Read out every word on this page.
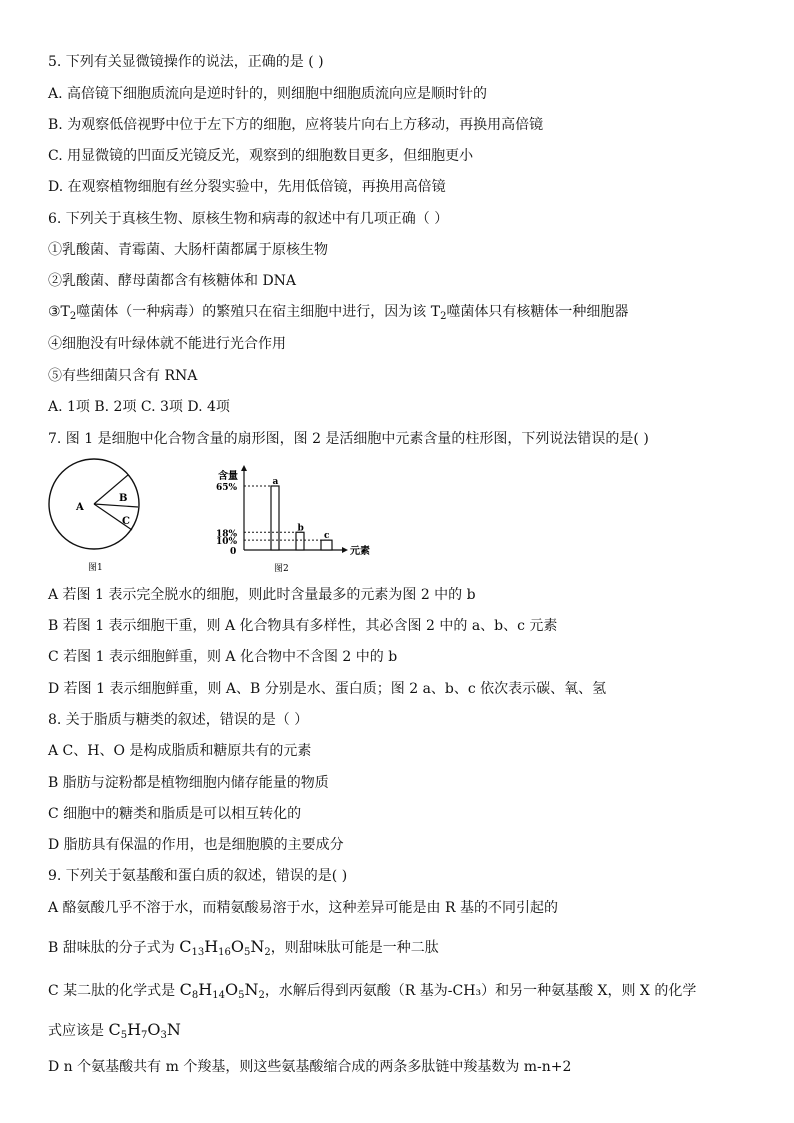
5. 下列有关显微镜操作的说法，正确的是 ( )
A. 高倍镜下细胞质流向是逆时针的，则细胞中细胞质流向应是顺时针的
B. 为观察低倍视野中位于左下方的细胞，应将装片向右上方移动，再换用高倍镜
C. 用显微镜的凹面反光镜反光，观察到的细胞数目更多，但细胞更小
D. 在观察植物细胞有丝分裂实验中，先用低倍镜，再换用高倍镜
6. 下列关于真核生物、原核生物和病毒的叙述中有几项正确（ ）
①乳酸菌、青霉菌、大肠杆菌都属于原核生物
②乳酸菌、酵母菌都含有核糖体和 DNA
$③T_2$噬菌体（一种病毒）的繁殖只在宿主细胞中进行，因为该 $T_2$噬菌体只有核糖体一种细胞器
④细胞没有叶绿体就不能进行光合作用
⑤有些细菌只含有 RNA
A. 1项 B. 2项 C. 3项 D. 4项
7. 图 1 是细胞中化合物含量的扇形图，图 2 是活细胞中元素含量的柱形图，下列说法错误的是( )
A
B
C
图1
含量
元素
图2
a
65%
b
18%	c
10%
0
A 若图 1 表示完全脱水的细胞，则此时含量最多的元素为图 2 中的 b
B 若图 1 表示细胞干重，则 A 化合物具有多样性，其必含图 2 中的 a、b、c 元素
C 若图 1 表示细胞鲜重，则 A 化合物中不含图 2 中的 b
D 若图 1 表示细胞鲜重，则 A、B 分别是水、蛋白质；图 2 a、b、c 依次表示碳、氧、氢
8. 关于脂质与糖类的叙述，错误的是（ ）
A C、H、O 是构成脂质和糖原共有的元素
B 脂肪与淀粉都是植物细胞内储存能量的物质
C 细胞中的糖类和脂质是可以相互转化的
D 脂肪具有保温的作用，也是细胞膜的主要成分
9. 下列关于氨基酸和蛋白质的叙述，错误的是( )
A 酪氨酸几乎不溶于水，而精氨酸易溶于水，这种差异可能是由 R 基的不同引起的
B 甜味肽的分子式为 $C_{13}H_{16}O_5N_2$，则甜味肽可能是一种二肽
C 某二肽的化学式是 $C_8H_{14}O_5N_2$，水解后得到丙氨酸（R 基为-CH₃）和另一种氨基酸 X，则 X 的化学
式应该是 $C_5H_7O_3N$
D n 个氨基酸共有 m 个羧基，则这些氨基酸缩合成的两条多肽链中羧基数为 m-n+2
